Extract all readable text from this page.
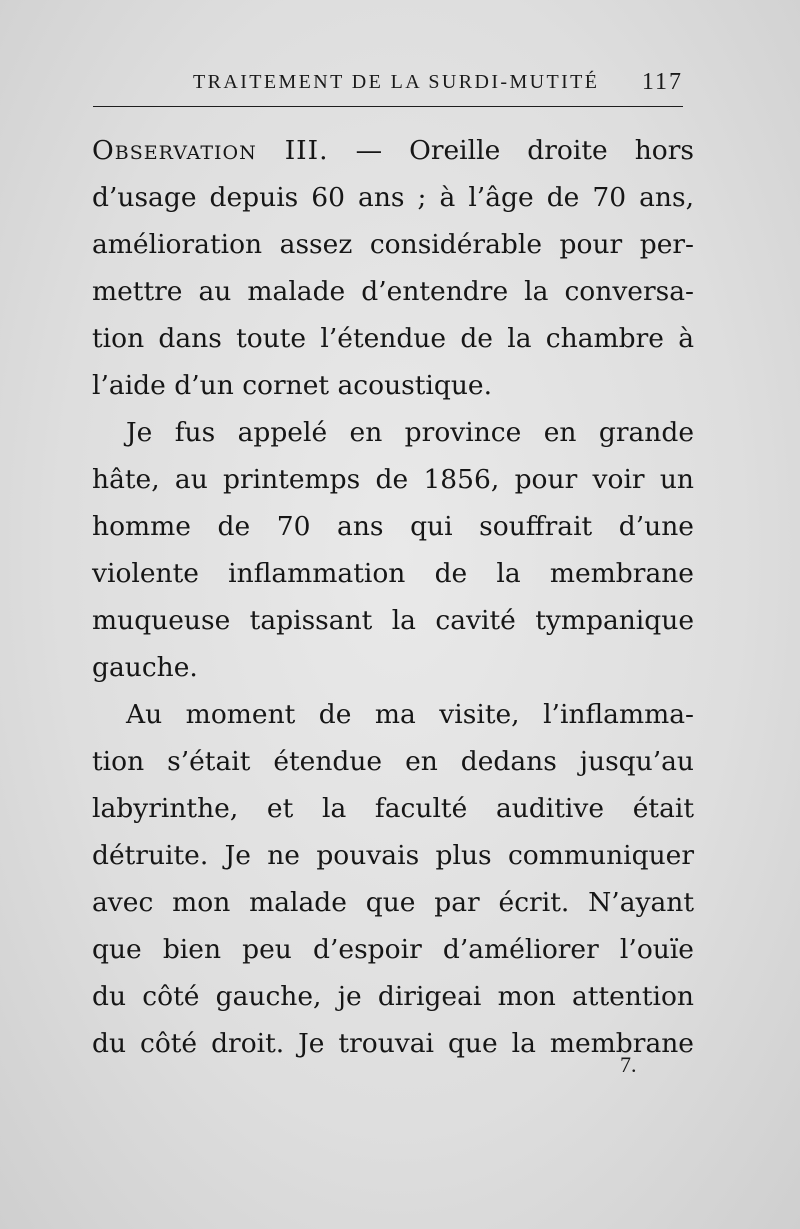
TRAITEMENT DE LA SURDI-MUTITÉ 117
Observation III. — Oreille droite hors
d’usage depuis 60 ans ; à l’âge de 70 ans,
amélioration assez considérable pour per-
mettre au malade d’entendre la conversa-
tion dans toute l’étendue de la chambre à
l’aide d’un cornet acoustique.
Je fus appelé en province en grande
hâte, au printemps de 1856, pour voir un
homme de 70 ans qui souffrait d’une
violente inflammation de la membrane
muqueuse tapissant la cavité tympanique
gauche.
Au moment de ma visite, l’inflamma-
tion s’était étendue en dedans jusqu’au
labyrinthe, et la faculté auditive était
détruite. Je ne pouvais plus communiquer
avec mon malade que par écrit. N’ayant
que bien peu d’espoir d’améliorer l’ouïe
du côté gauche, je dirigeai mon attention
du côté droit. Je trouvai que la membrane
7.
